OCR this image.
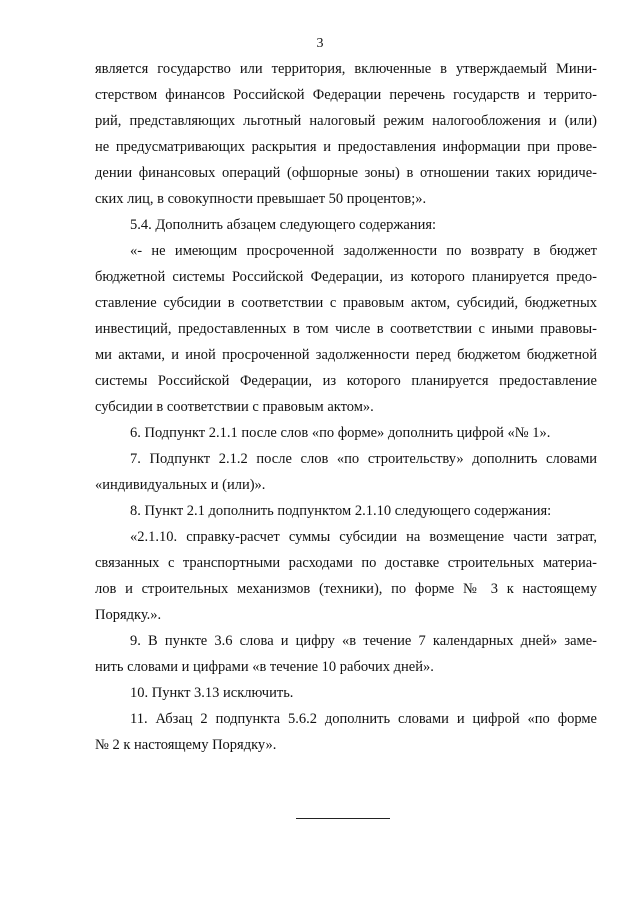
3
является государство или территория, включенные в утверждаемый Мини-
стерством финансов Российской Федерации перечень государств и террито-
рий, представляющих льготный налоговый режим налогообложения и (или)
не предусматривающих раскрытия и предоставления информации при прове-
дении финансовых операций (офшорные зоны) в отношении таких юридиче-
ских лиц, в совокупности превышает 50 процентов;».
5.4. Дополнить абзацем следующего содержания:
«- не имеющим просроченной задолженности по возврату в бюджет
бюджетной системы Российской Федерации, из которого планируется предо-
ставление субсидии в соответствии с правовым актом, субсидий, бюджетных
инвестиций, предоставленных в том числе в соответствии с иными правовы-
ми актами, и иной просроченной задолженности перед бюджетом бюджетной
системы Российской Федерации, из которого планируется предоставление
субсидии в соответствии с правовым актом».
6. Подпункт 2.1.1 после слов «по форме» дополнить цифрой «№ 1».
7. Подпункт 2.1.2 после слов «по строительству» дополнить словами
«индивидуальных и (или)».
8. Пункт 2.1 дополнить подпунктом 2.1.10 следующего содержания:
«2.1.10. справку-расчет суммы субсидии на возмещение части затрат,
связанных с транспортными расходами по доставке строительных материа-
лов и строительных механизмов (техники), по форме № 3 к настоящему
Порядку.».
9. В пункте 3.6 слова и цифру «в течение 7 календарных дней» заме-
нить словами и цифрами «в течение 10 рабочих дней».
10. Пункт 3.13 исключить.
11. Абзац 2 подпункта 5.6.2 дополнить словами и цифрой «по форме
№ 2 к настоящему Порядку».
